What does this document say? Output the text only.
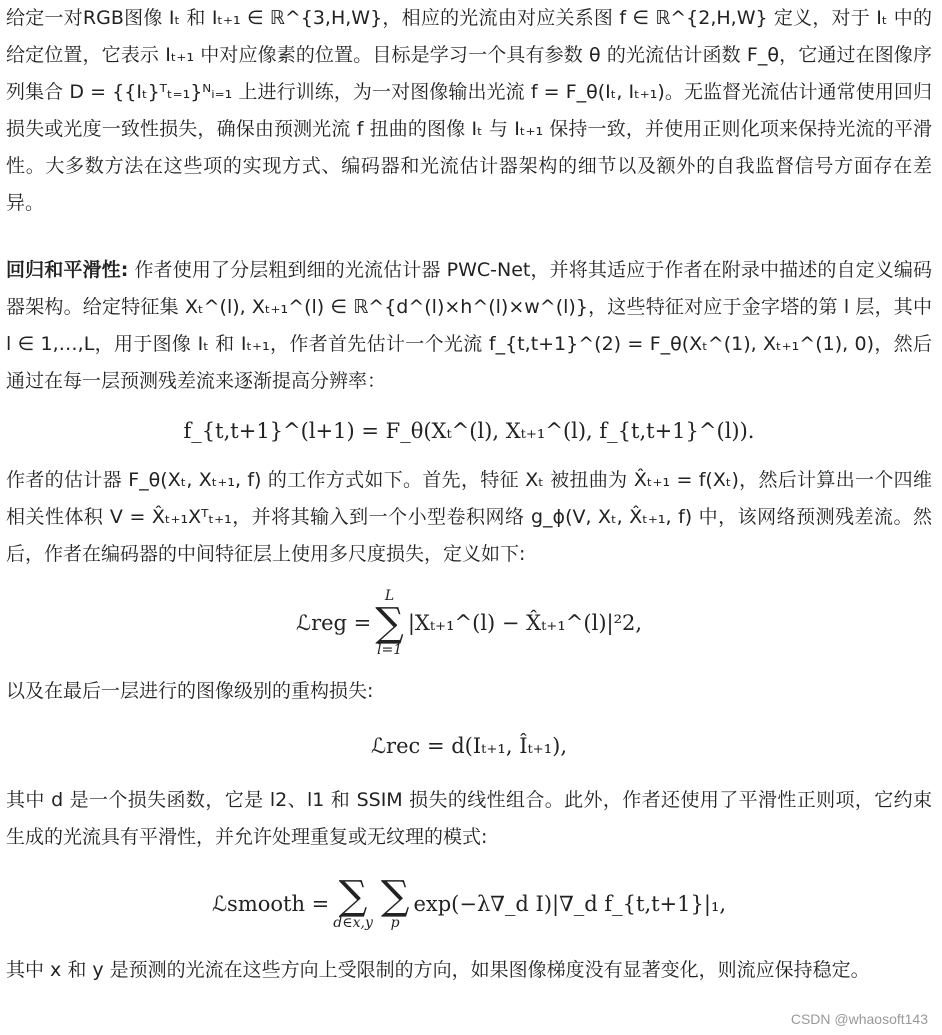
给定一对RGB图像 Iₜ 和 Iₜ₊₁ ∈ ℝ^{3,H,W}，相应的光流由对应关系图 f ∈ ℝ^{2,H,W} 定义，对于 Iₜ 中的给定位置，它表示 Iₜ₊₁ 中对应像素的位置。目标是学习一个具有参数 θ 的光流估计函数 F_θ，它通过在图像序列集合 D = {{Iₜ}ᵀₜ₌₁}ᴺᵢ₌₁ 上进行训练，为一对图像输出光流 f = F_θ(Iₜ, Iₜ₊₁)。无监督光流估计通常使用回归损失或光度一致性损失，确保由预测光流 f 扭曲的图像 Iₜ 与 Iₜ₊₁ 保持一致，并使用正则化项来保持光流的平滑性。大多数方法在这些项的实现方式、编码器和光流估计器架构的细节以及额外的自我监督信号方面存在差异。

回归和平滑性: 作者使用了分层粗到细的光流估计器 PWC-Net，并将其适应于作者在附录中描述的自定义编码器架构。给定特征集 Xₜ^(l), Xₜ₊₁^(l) ∈ ℝ^{d^(l)×h^(l)×w^(l)}，这些特征对应于金字塔的第 l 层，其中 l ∈ 1,…,L，用于图像 Iₜ 和 Iₜ₊₁，作者首先估计一个光流 f_{t,t+1}^(2) = F_θ(Xₜ^(1), Xₜ₊₁^(1), 0)，然后通过在每一层预测残差流来逐渐提高分辨率：

f_{t,t+1}^(l+1) = F_θ(Xₜ^(l), Xₜ₊₁^(l), f_{t,t+1}^(l)).

作者的估计器 F_θ(Xₜ, Xₜ₊₁, f) 的工作方式如下。首先，特征 Xₜ 被扭曲为 X̂ₜ₊₁ = f(Xₜ)，然后计算出一个四维相关性体积 V = X̂ₜ₊₁Xᵀₜ₊₁，并将其输入到一个小型卷积网络 g_ϕ(V, Xₜ, X̂ₜ₊₁, f) 中，该网络预测残差流。然后，作者在编码器的中间特征层上使用多尺度损失，定义如下:

ℒreg =
L
∑
l=1
|Xₜ₊₁^(l) − X̂ₜ₊₁^(l)|²2,

以及在最后一层进行的图像级别的重构损失:

ℒrec = d(Iₜ₊₁, Îₜ₊₁),

其中 d 是一个损失函数，它是 l2、l1 和 SSIM 损失的线性组合。此外，作者还使用了平滑性正则项，它约束生成的光流具有平滑性，并允许处理重复或无纹理的模式:

ℒsmooth = ∑
d∈x,y
∑
p
exp(−λ∇_d I)|∇_d f_{t,t+1}|₁,

其中 x 和 y 是预测的光流在这些方向上受限制的方向，如果图像梯度没有显著变化，则流应保持稳定。

CSDN @whaosoft143
